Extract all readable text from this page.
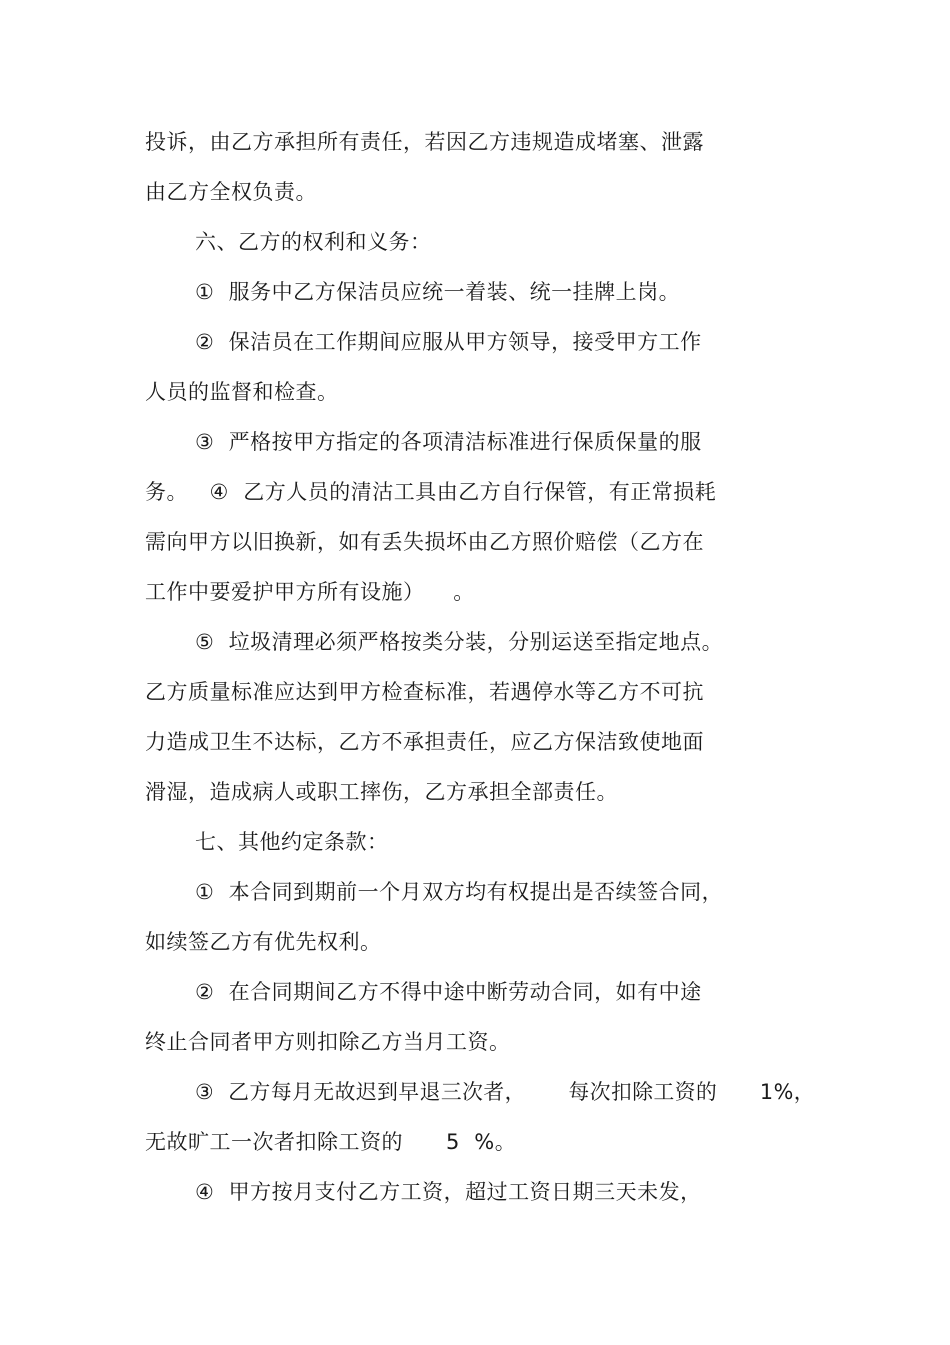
投诉，由乙方承担所有责任，若因乙方违规造成堵塞、泄露
由乙方全权负责。
六、乙方的权利和义务：
①  服务中乙方保洁员应统一着装、统一挂牌上岗。
②  保洁员在工作期间应服从甲方领导，接受甲方工作
人员的监督和检查。
③  严格按甲方指定的各项清洁标准进行保质保量的服
务。   ④  乙方人员的清沽工具由乙方自行保管，有正常损耗
需向甲方以旧换新，如有丢失损坏由乙方照价赔偿（乙方在
工作中要爱护甲方所有设施）    。
⑤  垃圾清理必须严格按类分装，分别运送至指定地点。
乙方质量标准应达到甲方检查标准，若遇停水等乙方不可抗
力造成卫生不达标，乙方不承担责任，应乙方保洁致使地面
滑湿，造成病人或职工摔伤，乙方承担全部责任。
七、其他约定条款：
①  本合同到期前一个月双方均有权提出是否续签合同，
如续签乙方有优先权利。
②  在合同期间乙方不得中途中断劳动合同，如有中途
终止合同者甲方则扣除乙方当月工资。
③  乙方每月无故迟到早退三次者，      每次扣除工资的      1%，
无故旷工一次者扣除工资的      5  %。
④  甲方按月支付乙方工资，超过工资日期三天未发，
